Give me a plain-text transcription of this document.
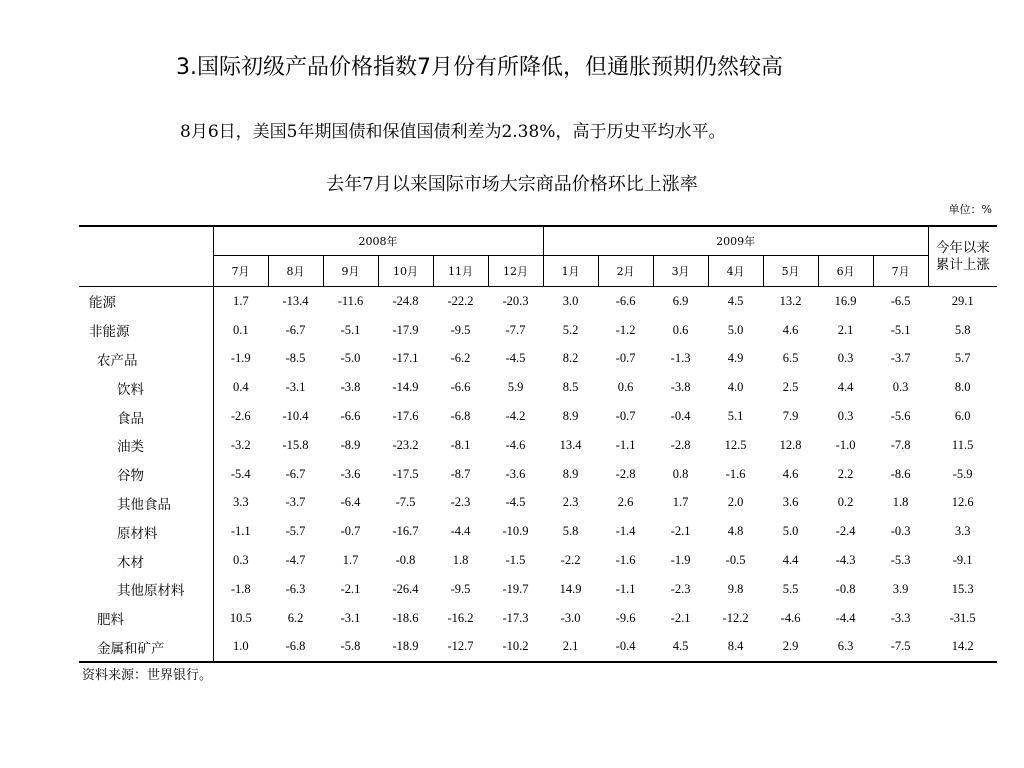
3.国际初级产品价格指数7月份有所降低，但通胀预期仍然较高
8月6日，美国5年期国债和保值国债利差为2.38%，高于历史平均水平。
去年7月以来国际市场大宗商品价格环比上涨率
单位：%
	2008年						2009年							今年以来累计上涨
	7月	8月	9月	10月	11月	12月	1月	2月	3月	4月	5月	6月	7月	
能源	1.7	-13.4	-11.6	-24.8	-22.2	-20.3	3.0	-6.6	6.9	4.5	13.2	16.9	-6.5	29.1
非能源	0.1	-6.7	-5.1	-17.9	-9.5	-7.7	5.2	-1.2	0.6	5.0	4.6	2.1	-5.1	5.8
农产品	-1.9	-8.5	-5.0	-17.1	-6.2	-4.5	8.2	-0.7	-1.3	4.9	6.5	0.3	-3.7	5.7
饮料	0.4	-3.1	-3.8	-14.9	-6.6	5.9	8.5	0.6	-3.8	4.0	2.5	4.4	0.3	8.0
食品	-2.6	-10.4	-6.6	-17.6	-6.8	-4.2	8.9	-0.7	-0.4	5.1	7.9	0.3	-5.6	6.0
油类	-3.2	-15.8	-8.9	-23.2	-8.1	-4.6	13.4	-1.1	-2.8	12.5	12.8	-1.0	-7.8	11.5
谷物	-5.4	-6.7	-3.6	-17.5	-8.7	-3.6	8.9	-2.8	0.8	-1.6	4.6	2.2	-8.6	-5.9
其他食品	3.3	-3.7	-6.4	-7.5	-2.3	-4.5	2.3	2.6	1.7	2.0	3.6	0.2	1.8	12.6
原材料	-1.1	-5.7	-0.7	-16.7	-4.4	-10.9	5.8	-1.4	-2.1	4.8	5.0	-2.4	-0.3	3.3
木材	0.3	-4.7	1.7	-0.8	1.8	-1.5	-2.2	-1.6	-1.9	-0.5	4.4	-4.3	-5.3	-9.1
其他原材料	-1.8	-6.3	-2.1	-26.4	-9.5	-19.7	14.9	-1.1	-2.3	9.8	5.5	-0.8	3.9	15.3
肥料	10.5	6.2	-3.1	-18.6	-16.2	-17.3	-3.0	-9.6	-2.1	-12.2	-4.6	-4.4	-3.3	-31.5
金属和矿产	1.0	-6.8	-5.8	-18.9	-12.7	-10.2	2.1	-0.4	4.5	8.4	2.9	6.3	-7.5	14.2
资料来源：世界银行。
